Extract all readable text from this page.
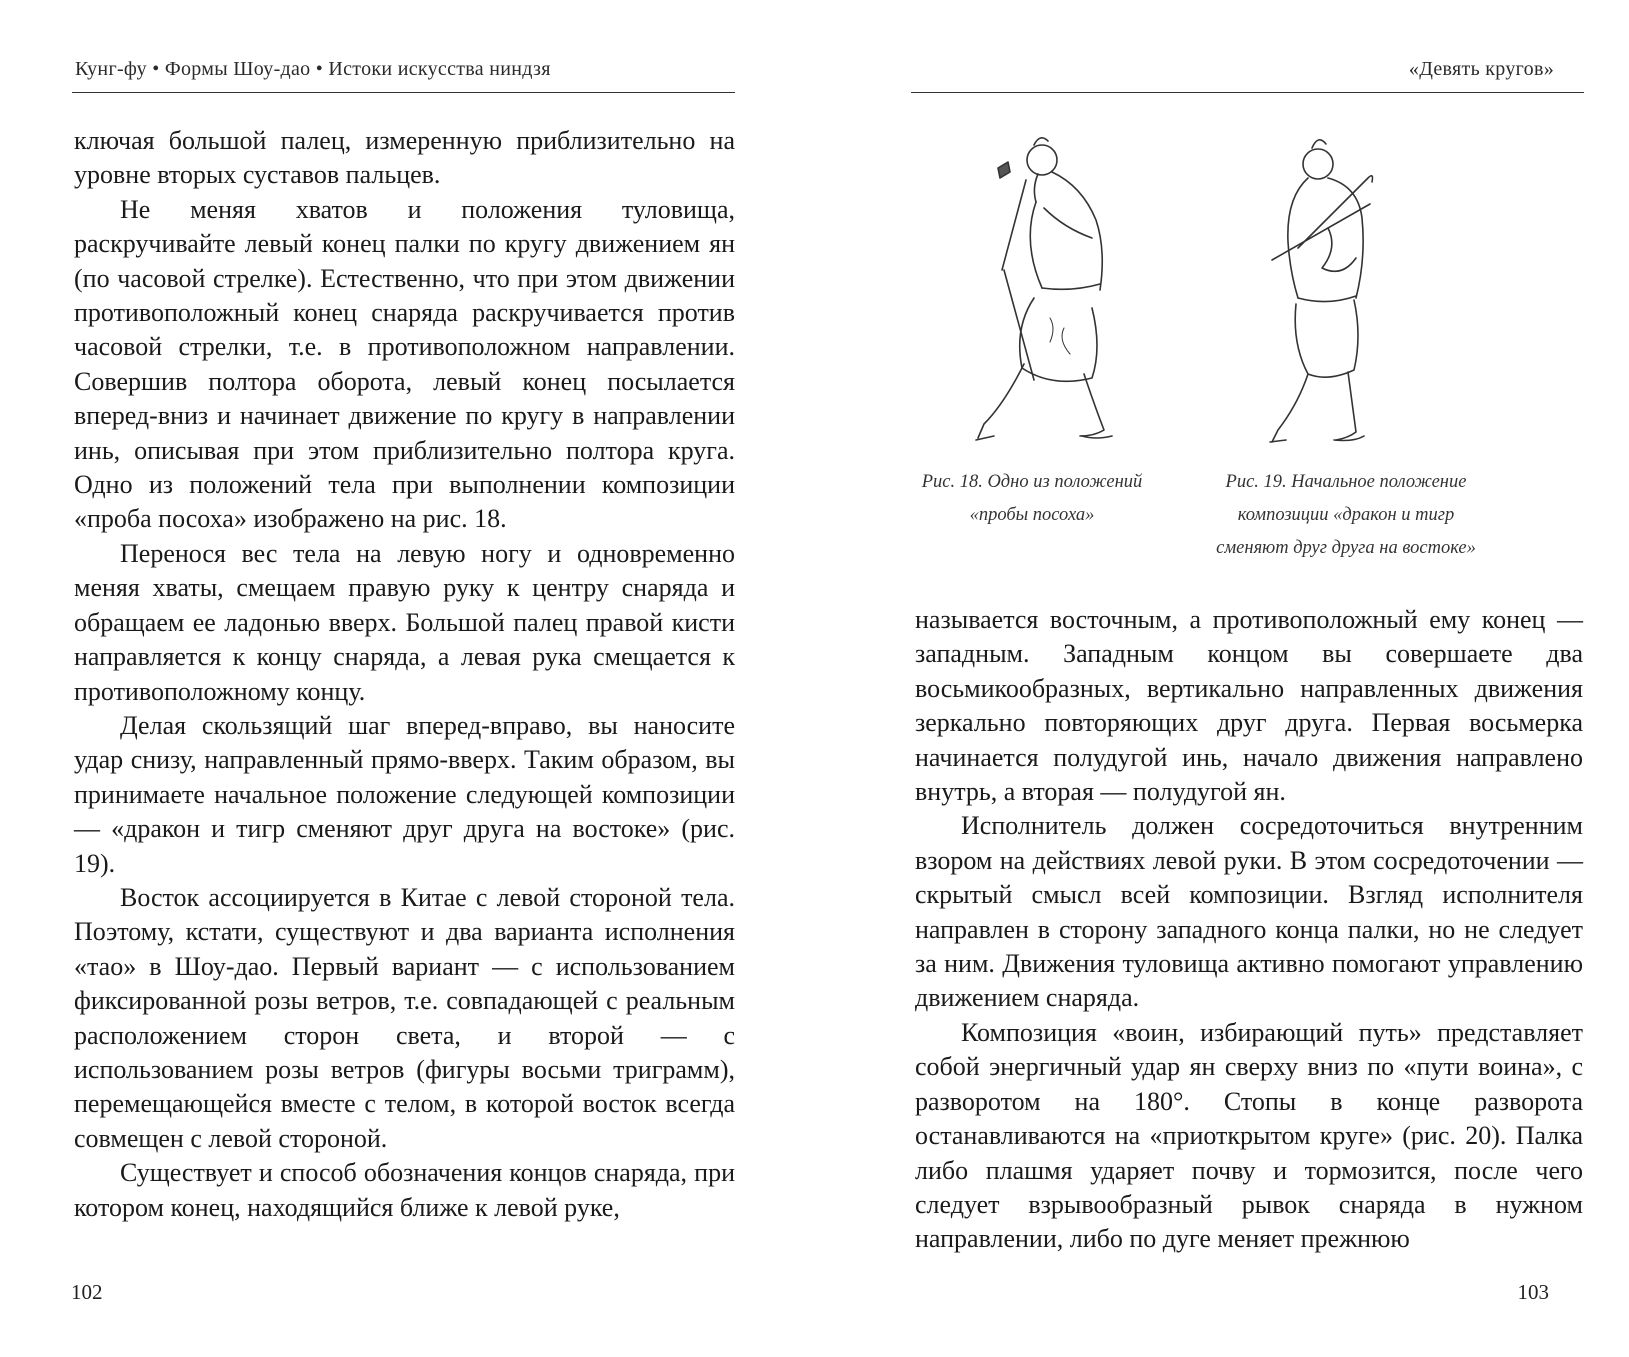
Кунг-фу • Формы Шоу-дао • Истоки искусства ниндзя

ключая большой палец, измеренную приблизительно на уровне вторых суставов пальцев.

Не меняя хватов и положения туловища, раскручивайте левый конец палки по кругу движением ян (по часовой стрелке). Естественно, что при этом движении противоположный конец снаряда раскручивается против часовой стрелки, т.е. в противоположном направлении. Совершив полтора оборота, левый конец посылается вперед-вниз и начинает движение по кругу в направлении инь, описывая при этом приблизительно полтора круга. Одно из положений тела при выполнении композиции «проба посоха» изображено на рис. 18.

Перенося вес тела на левую ногу и одновременно меняя хваты, смещаем правую руку к центру снаряда и обращаем ее ладонью вверх. Большой палец правой кисти направляется к концу снаряда, а левая рука смещается к противоположному концу.

Делая скользящий шаг вперед-вправо, вы наносите удар снизу, направленный прямо-вверх. Таким образом, вы принимаете начальное положение следующей композиции — «дракон и тигр сменяют друг друга на востоке» (рис. 19).

Восток ассоциируется в Китае с левой стороной тела. Поэтому, кстати, существуют и два варианта исполнения «тао» в Шоу-дао. Первый вариант — с использованием фиксированной розы ветров, т.е. совпадающей с реальным расположением сторон света, и второй — с использованием розы ветров (фигуры восьми триграмм), перемещающейся вместе с телом, в которой восток всегда совмещен с левой стороной.

Существует и способ обозначения концов снаряда, при котором конец, находящийся ближе к левой руке,

102
«Девять кругов»
Рис. 18. Одно из положений
«пробы посоха»
Рис. 19. Начальное положение
композиции «дракон и тигр
сменяют друг друга на востоке»

называется восточным, а противоположный ему конец — западным. Западным концом вы совершаете два восьмикообразных, вертикально направленных движения зеркально повторяющих друг друга. Первая восьмерка начинается полудугой инь, начало движения направлено внутрь, а вторая — полудугой ян.

Исполнитель должен сосредоточиться внутренним взором на действиях левой руки. В этом сосредоточении —скрытый смысл всей композиции. Взгляд исполнителя направлен в сторону западного конца палки, но не следует за ним. Движения туловища активно помогают управлению движением снаряда.

Композиция «воин, избирающий путь» представляет собой энергичный удар ян сверху вниз по «пути воина», с разворотом на 180°. Стопы в конце разворота останавливаются на «приоткрытом круге» (рис. 20). Палка либо плашмя ударяет почву и тормозится, после чего следует взрывообразный рывок снаряда в нужном направлении, либо по дуге меняет прежнюю

103
